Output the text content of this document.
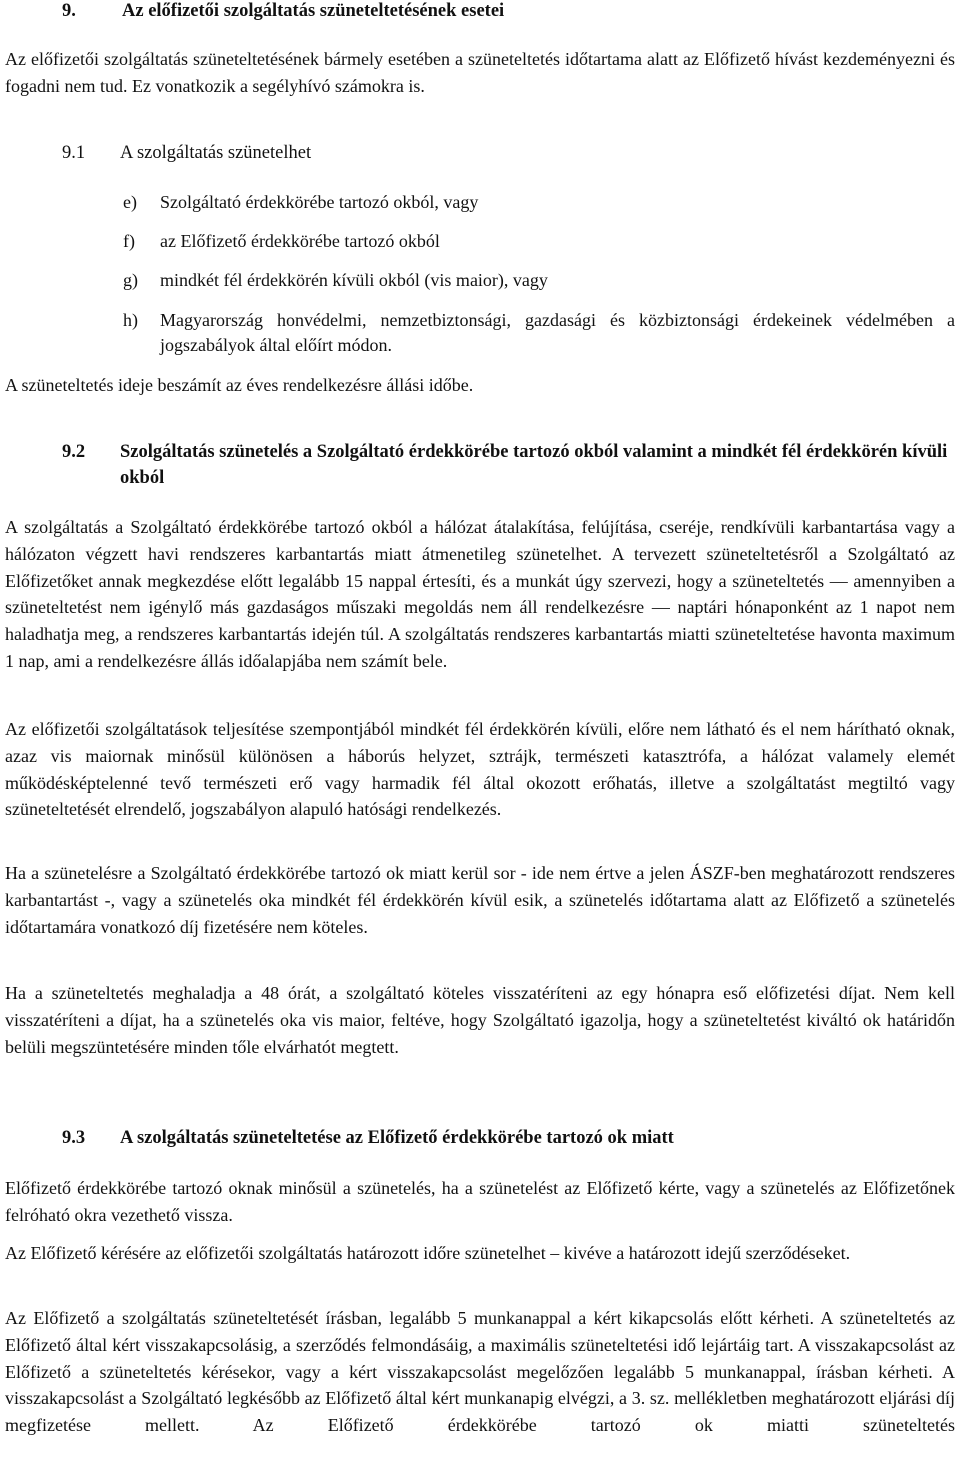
9. Az előfizetői szolgáltatás szüneteltetésének esetei

Az előfizetői szolgáltatás szüneteltetésének bármely esetében a szüneteltetés időtartama alatt az Előfizető hívást kezdeményezni és fogadni nem tud. Ez vonatkozik a segélyhívó számokra is.

9.1 A szolgáltatás szünetelhet
e) Szolgáltató érdekkörébe tartozó okból, vagy
f) az Előfizető érdekkörébe tartozó okból
g) mindkét fél érdekkörén kívüli okból (vis maior), vagy
h) Magyarország honvédelmi, nemzetbiztonsági, gazdasági és közbiztonsági érdekeinek védelmében a jogszabályok által előírt módon.

A szüneteltetés ideje beszámít az éves rendelkezésre állási időbe.

9.2 Szolgáltatás szünetelés a Szolgáltató érdekkörébe tartozó okból valamint a mindkét fél érdekkörén kívüli okból

A szolgáltatás a Szolgáltató érdekkörébe tartozó okból a hálózat átalakítása, felújítása, cseréje, rendkívüli karbantartása vagy a hálózaton végzett havi rendszeres karbantartás miatt átmenetileg szünetelhet. A tervezett szüneteltetésről a Szolgáltató az Előfizetőket annak megkezdése előtt legalább 15 nappal értesíti, és a munkát úgy szervezi, hogy a szüneteltetés — amennyiben a szüneteltetést nem igénylő más gazdaságos műszaki megoldás nem áll rendelkezésre — naptári hónaponként az 1 napot nem haladhatja meg, a rendszeres karbantartás idején túl. A szolgáltatás rendszeres karbantartás miatti szüneteltetése havonta maximum 1 nap, ami a rendelkezésre állás időalapjába nem számít bele.

Az előfizetői szolgáltatások teljesítése szempontjából mindkét fél érdekkörén kívüli, előre nem látható és el nem hárítható oknak, azaz vis maiornak minősül különösen a háborús helyzet, sztrájk, természeti katasztrófa, a hálózat valamely elemét működésképtelenné tevő természeti erő vagy harmadik fél által okozott erőhatás, illetve a szolgáltatást megtiltó vagy szüneteltetését elrendelő, jogszabályon alapuló hatósági rendelkezés.

Ha a szünetelésre a Szolgáltató érdekkörébe tartozó ok miatt kerül sor - ide nem értve a jelen ÁSZF-ben meghatározott rendszeres karbantartást -, vagy a szünetelés oka mindkét fél érdekkörén kívül esik, a szünetelés időtartama alatt az Előfizető a szünetelés időtartamára vonatkozó díj fizetésére nem köteles.

Ha a szüneteltetés meghaladja a 48 órát, a szolgáltató köteles visszatéríteni az egy hónapra eső előfizetési díjat. Nem kell visszatéríteni a díjat, ha a szünetelés oka vis maior, feltéve, hogy Szolgáltató igazolja, hogy a szüneteltetést kiváltó ok határidőn belüli megszüntetésére minden tőle elvárhatót megtett.

9.3 A szolgáltatás szüneteltetése az Előfizető érdekkörébe tartozó ok miatt

Előfizető érdekkörébe tartozó oknak minősül a szünetelés, ha a szünetelést az Előfizető kérte, vagy a szünetelés az Előfizetőnek felróható okra vezethető vissza.

Az Előfizető kérésére az előfizetői szolgáltatás határozott időre szünetelhet – kivéve a határozott idejű szerződéseket.

Az Előfizető a szolgáltatás szüneteltetését írásban, legalább 5 munkanappal a kért kikapcsolás előtt kérheti. A szüneteltetés az Előfizető által kért visszakapcsolásig, a szerződés felmondásáig, a maximális szüneteltetési idő lejártáig tart. A visszakapcsolást az Előfizető a szüneteltetés kérésekor, vagy a kért visszakapcsolást megelőzően legalább 5 munkanappal, írásban kérheti. A visszakapcsolást a Szolgáltató legkésőbb az Előfizető által kért munkanapig elvégzi, a 3. sz. mellékletben meghatározott eljárási díj megfizetése mellett. Az Előfizető érdekkörébe tartozó ok miatti szüneteltetés
